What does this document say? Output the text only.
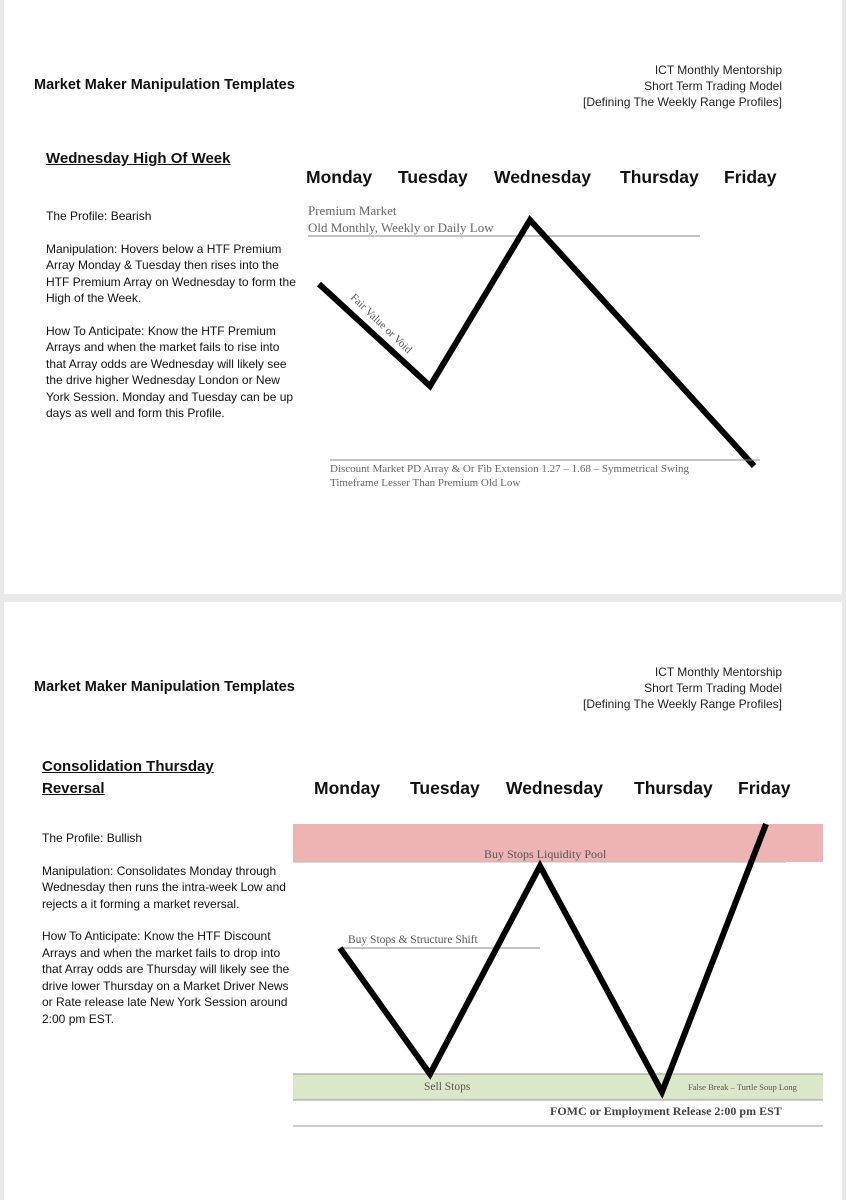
Market Maker Manipulation Templates
ICT Monthly Mentorship
Short Term Trading Model
[Defining The Weekly Range Profiles]
Wednesday High Of Week

The Profile: Bearish

Manipulation: Hovers below a HTF Premium Array Monday & Tuesday then rises into the HTF Premium Array on Wednesday to form the High of the Week.

How To Anticipate: Know the HTF Premium Arrays and when the market fails to rise into that Array odds are Wednesday will likely see the drive higher Wednesday London or New York Session. Monday and Tuesday can be up days as well and form this Profile.

Monday Tuesday Wednesday Thursday Friday
Premium Market
Old Monthly, Weekly or Daily Low
Fair Value or Void
Discount Market PD Array & Or Fib Extension 1.27 – 1.68 – Symmetrical Swing
Timeframe Lesser Than Premium Old Low
Market Maker Manipulation Templates
ICT Monthly Mentorship
Short Term Trading Model
[Defining The Weekly Range Profiles]
Consolidation Thursday Reversal

The Profile: Bullish

Manipulation: Consolidates Monday through Wednesday then runs the intra-week Low and rejects a it forming a market reversal.

How To Anticipate: Know the HTF Discount Arrays and when the market fails to drop into that Array odds are Thursday will likely see the drive lower Thursday on a Market Driver News or Rate release late New York Session around 2:00 pm EST.

Monday Tuesday Wednesday Thursday Friday
Buy Stops Liquidity Pool
Buy Stops & Structure Shift
Sell Stops	False Break – Turtle Soup Long
FOMC or Employment Release 2:00 pm EST
